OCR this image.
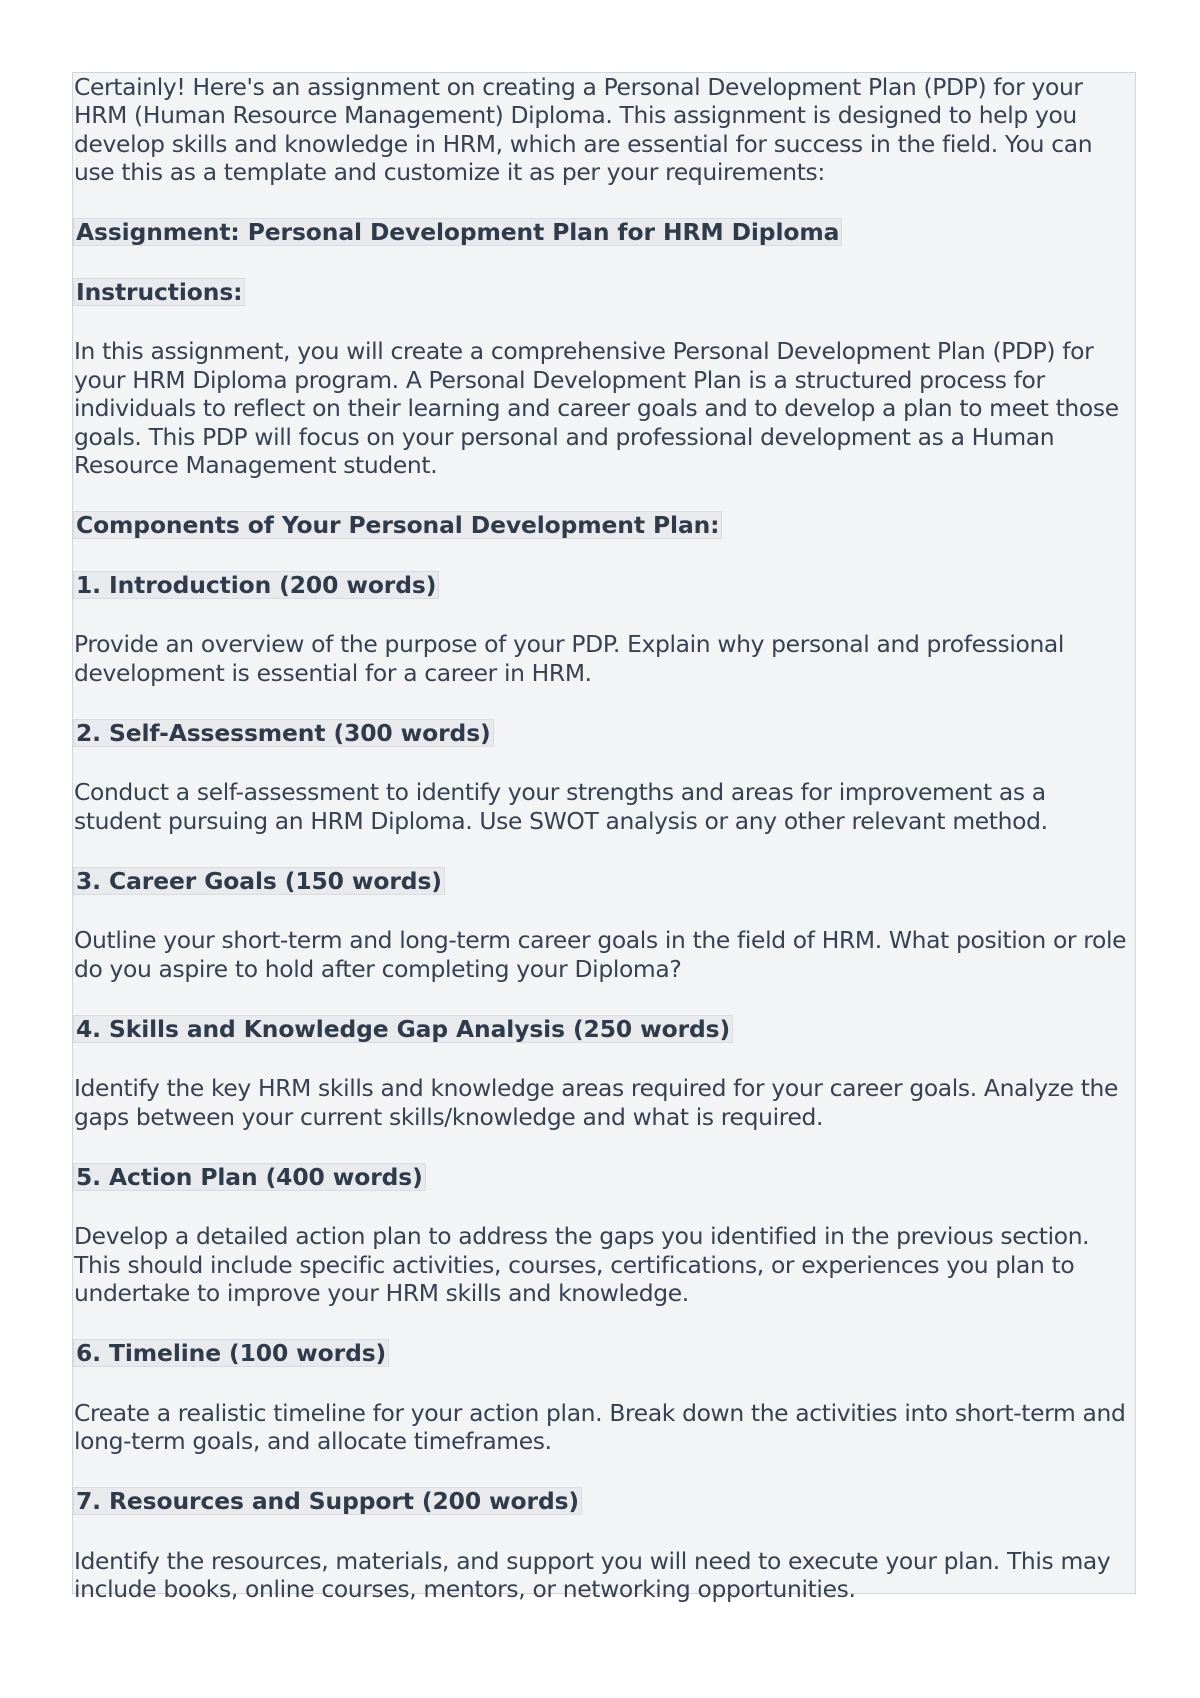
Certainly! Here's an assignment on creating a Personal Development Plan (PDP) for your HRM (Human Resource Management) Diploma. This assignment is designed to help you develop skills and knowledge in HRM, which are essential for success in the field. You can use this as a template and customize it as per your requirements:

Assignment: Personal Development Plan for HRM Diploma
Instructions:

In this assignment, you will create a comprehensive Personal Development Plan (PDP) for your HRM Diploma program. A Personal Development Plan is a structured process for individuals to reflect on their learning and career goals and to develop a plan to meet those goals. This PDP will focus on your personal and professional development as a Human Resource Management student.

Components of Your Personal Development Plan:
1. Introduction (200 words)

Provide an overview of the purpose of your PDP. Explain why personal and professional development is essential for a career in HRM.

2. Self-Assessment (300 words)

Conduct a self-assessment to identify your strengths and areas for improvement as a student pursuing an HRM Diploma. Use SWOT analysis or any other relevant method.

3. Career Goals (150 words)

Outline your short-term and long-term career goals in the field of HRM. What position or role do you aspire to hold after completing your Diploma?

4. Skills and Knowledge Gap Analysis (250 words)

Identify the key HRM skills and knowledge areas required for your career goals. Analyze the gaps between your current skills/knowledge and what is required.

5. Action Plan (400 words)

Develop a detailed action plan to address the gaps you identified in the previous section. This should include specific activities, courses, certifications, or experiences you plan to undertake to improve your HRM skills and knowledge.

6. Timeline (100 words)

Create a realistic timeline for your action plan. Break down the activities into short-term and long-term goals, and allocate timeframes.

7. Resources and Support (200 words)

Identify the resources, materials, and support you will need to execute your plan. This may include books, online courses, mentors, or networking opportunities.
